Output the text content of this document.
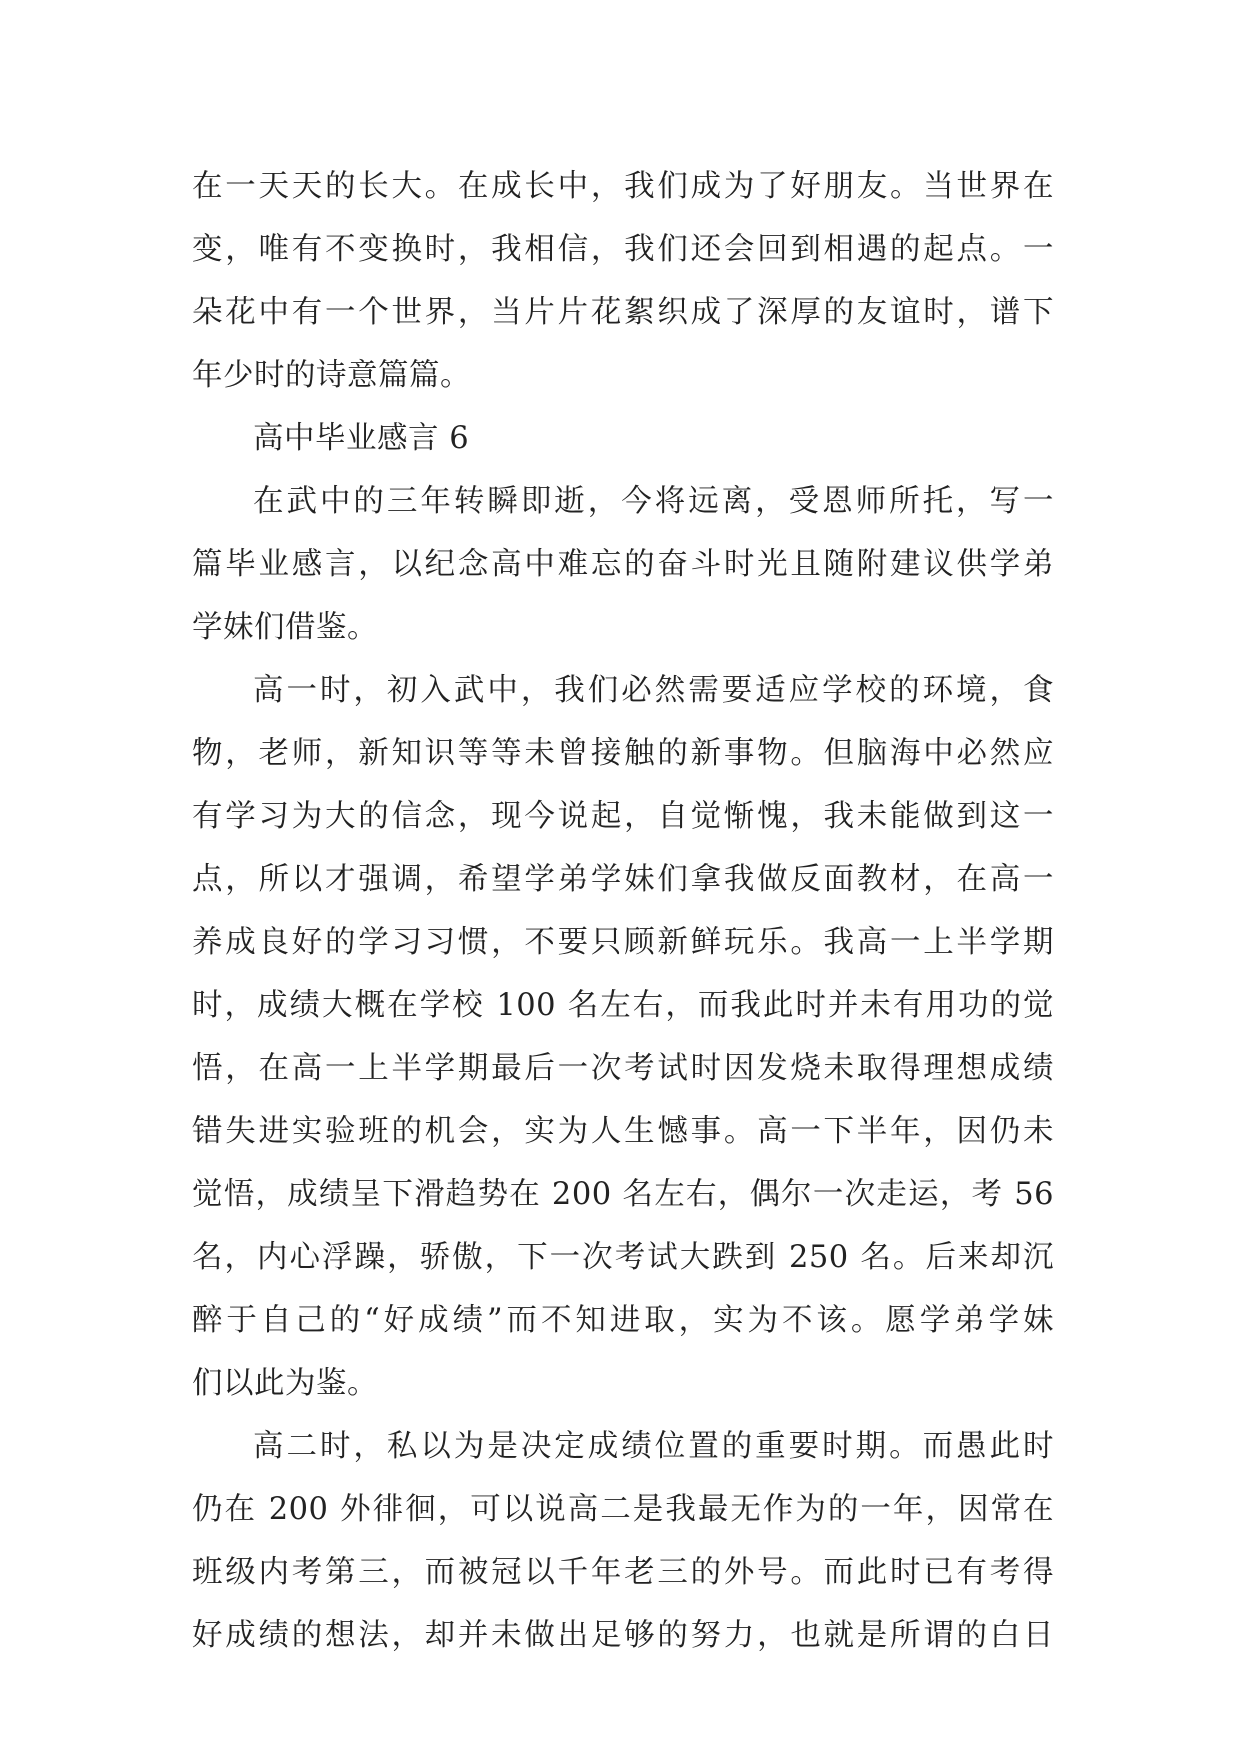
在一天天的长大。在成长中，我们成为了好朋友。当世界在
变，唯有不变换时，我相信，我们还会回到相遇的起点。一
朵花中有一个世界，当片片花絮织成了深厚的友谊时，谱下
年少时的诗意篇篇。

高中毕业感言 6

在武中的三年转瞬即逝，今将远离，受恩师所托，写一
篇毕业感言，以纪念高中难忘的奋斗时光且随附建议供学弟
学妹们借鉴。

高一时，初入武中，我们必然需要适应学校的环境，食
物，老师，新知识等等未曾接触的新事物。但脑海中必然应
有学习为大的信念，现今说起，自觉惭愧，我未能做到这一
点，所以才强调，希望学弟学妹们拿我做反面教材，在高一
养成良好的学习习惯，不要只顾新鲜玩乐。我高一上半学期
时，成绩大概在学校 100 名左右，而我此时并未有用功的觉
悟，在高一上半学期最后一次考试时因发烧未取得理想成绩
错失进实验班的机会，实为人生憾事。高一下半年，因仍未
觉悟，成绩呈下滑趋势在 200 名左右，偶尔一次走运，考 56
名，内心浮躁，骄傲，下一次考试大跌到 250 名。后来却沉
醉于自己的“好成绩”而不知进取，实为不该。愿学弟学妹
们以此为鉴。

高二时，私以为是决定成绩位置的重要时期。而愚此时
仍在 200 外徘徊，可以说高二是我最无作为的一年，因常在
班级内考第三，而被冠以千年老三的外号。而此时已有考得
好成绩的想法，却并未做出足够的努力，也就是所谓的白日
